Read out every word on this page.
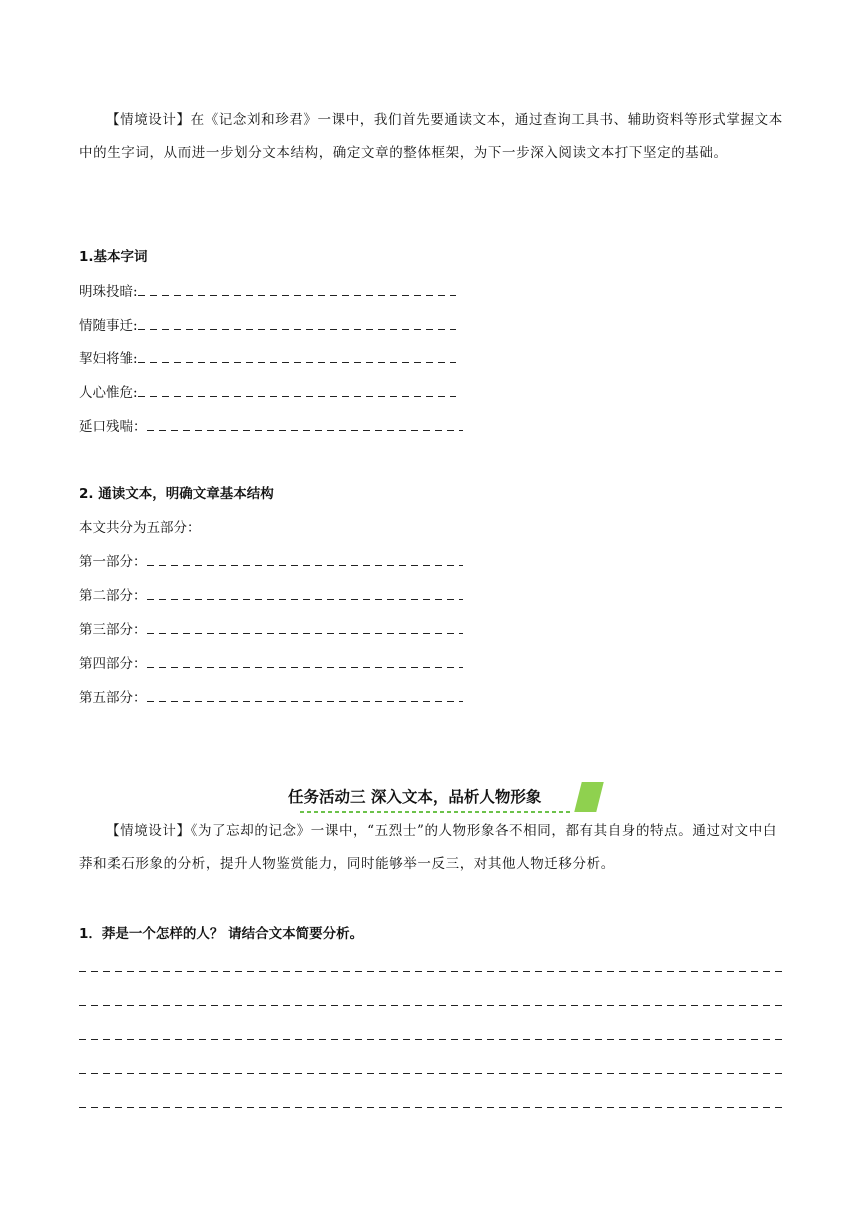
【情境设计】在《记念刘和珍君》一课中，我们首先要通读文本，通过查询工具书、辅助资料等形式掌握文本中的生字词，从而进一步划分文本结构，确定文章的整体框架，为下一步深入阅读文本打下坚定的基础。
1.基本字词
明珠投暗:
情随事迁:
挈妇将雏:
人心惟危:
延口残喘：
2. 通读文本，明确文章基本结构
本文共分为五部分：
第一部分：
第二部分：
第三部分：
第四部分：
第五部分：
任务活动三 深入文本，品析人物形象
【情境设计】《为了忘却的记念》一课中，“五烈士”的人物形象各不相同，都有其自身的特点。通过对文中白莽和柔石形象的分析，提升人物鉴赏能力，同时能够举一反三，对其他人物迁移分析。
1．莽是一个怎样的人？ 请结合文本简要分析。
